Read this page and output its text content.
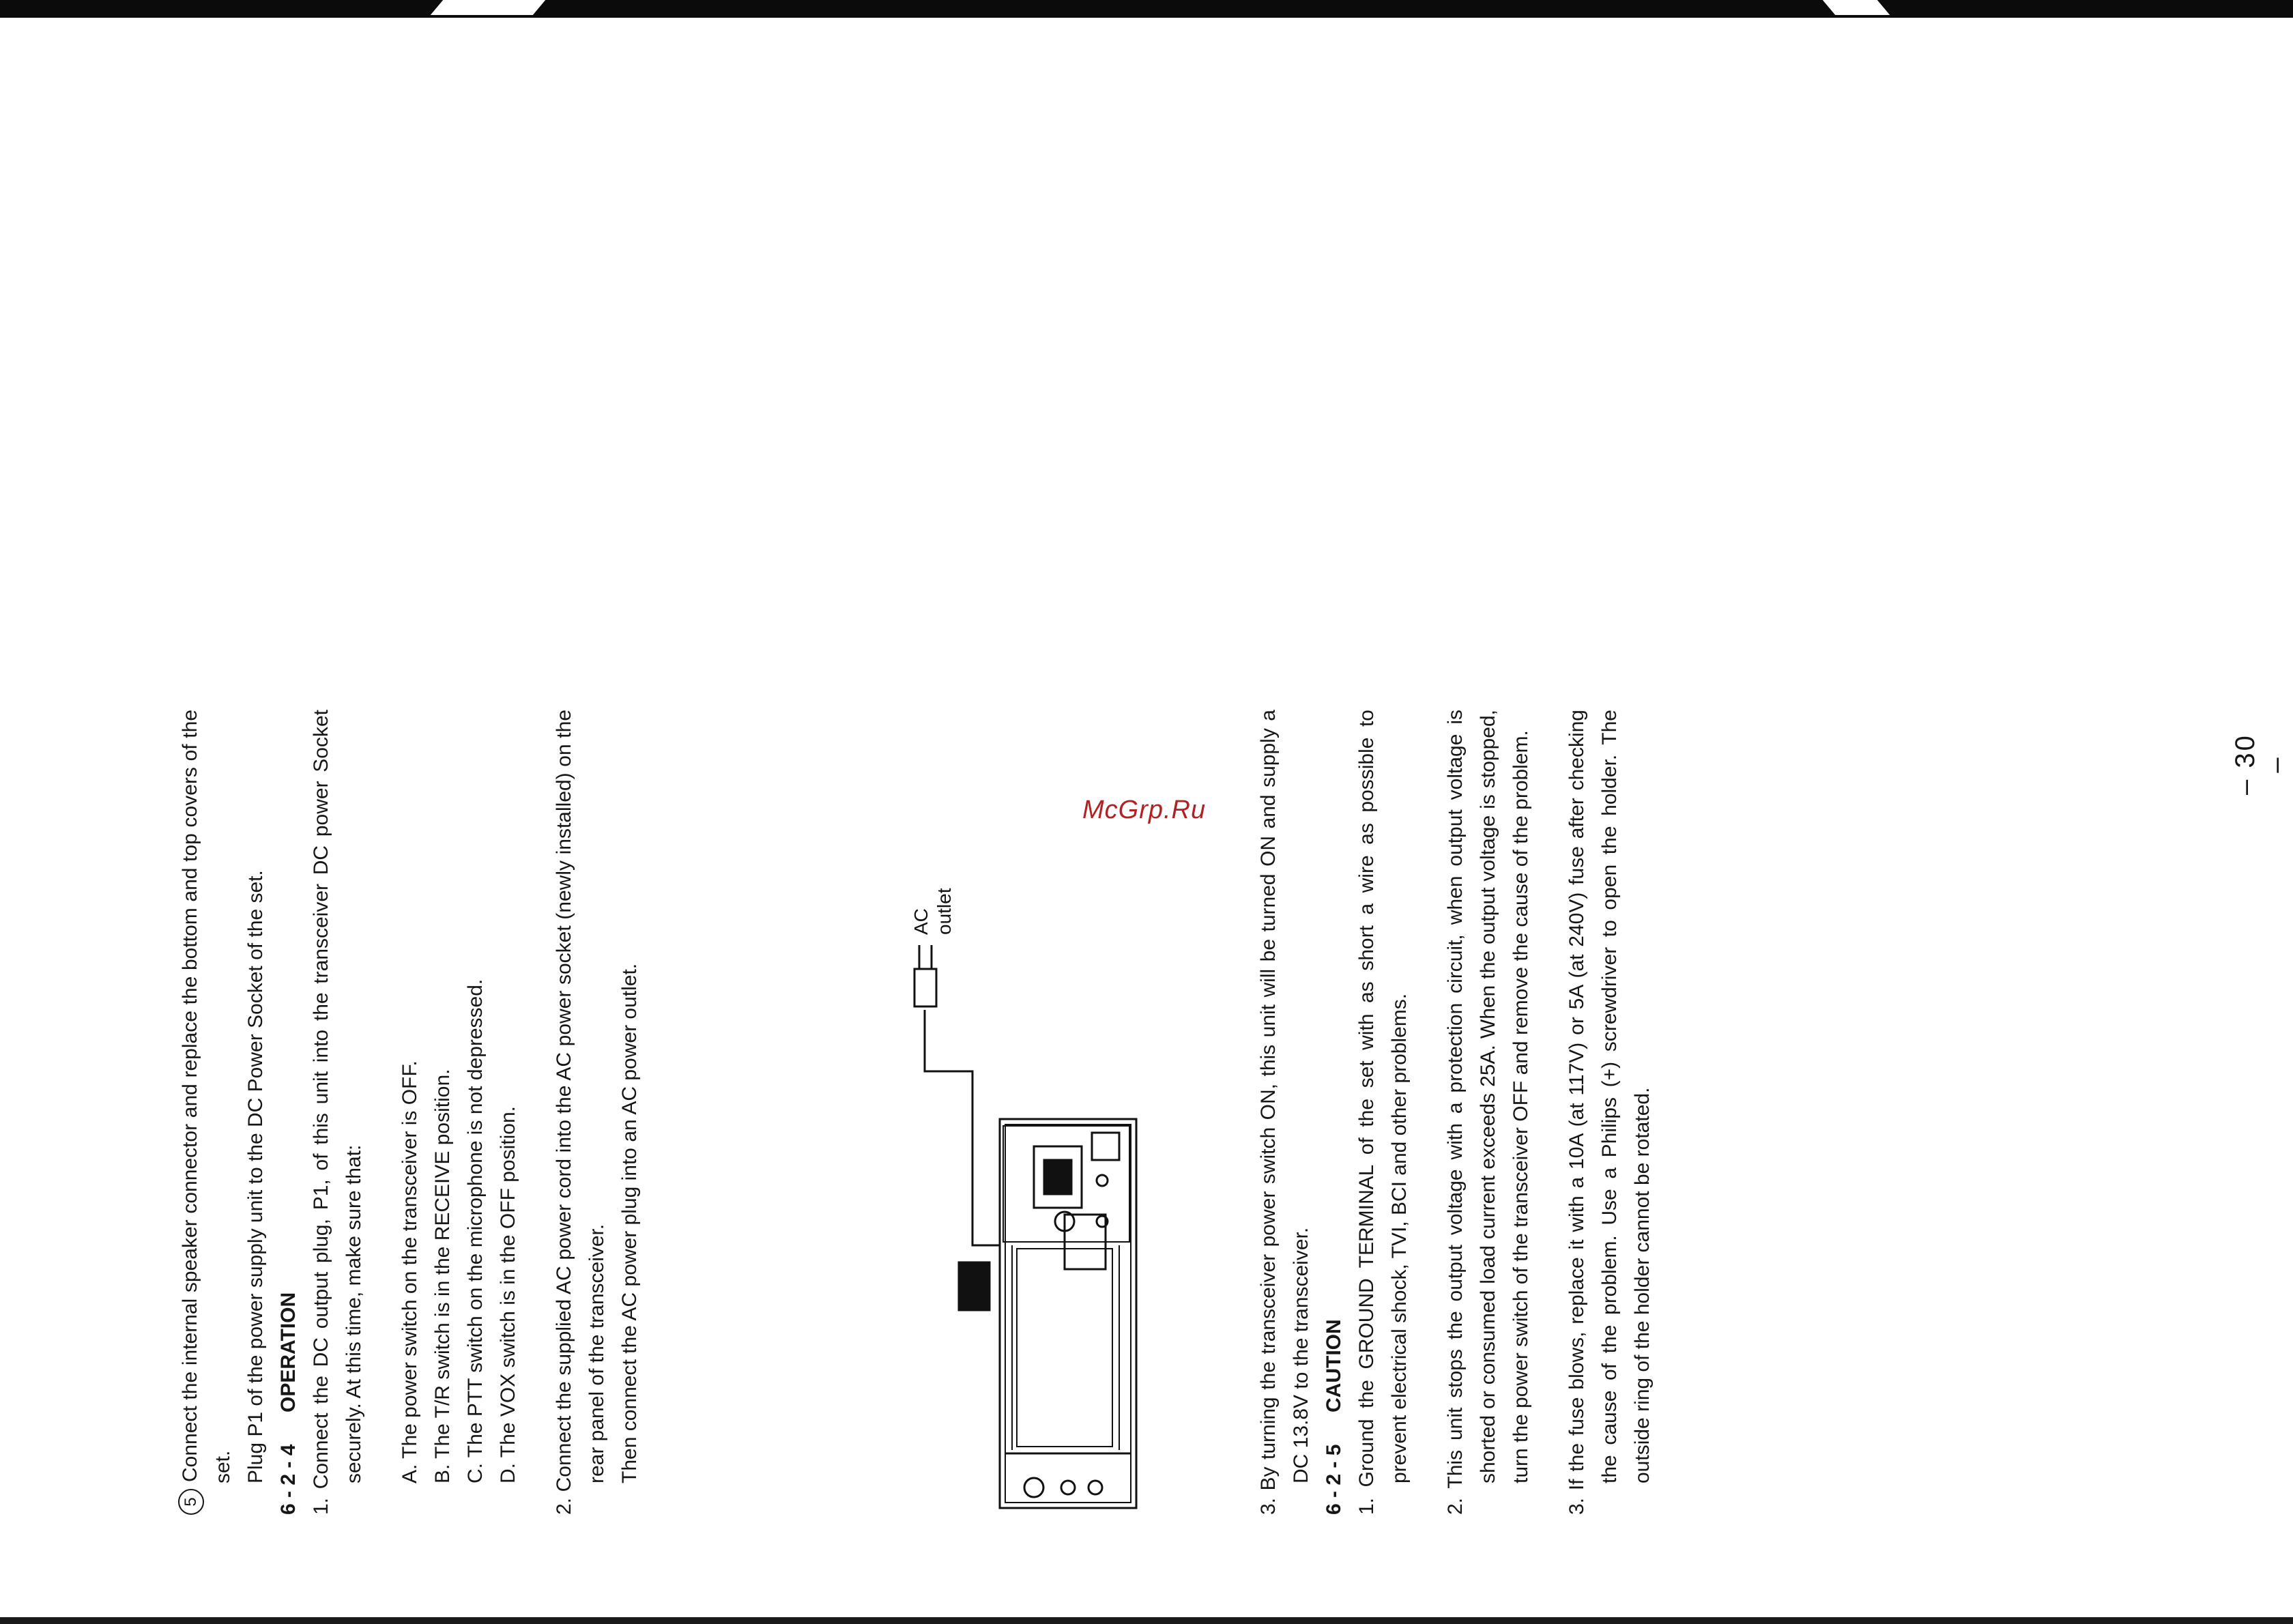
McGrp.Ru
– 30 –

5Connect the internal speaker connector and replace the bottom and top covers of the set. Plug P1 of the power supply unit to the DC Power Socket of the set. 6 - 2 - 4OPERATION 1. Connect the DC output plug, P1, of this unit into the transceiver DC power Socket securely. At this time, make sure that: A. The power switch on the transceiver is OFF. B. The T/R switch is in the RECEIVE position. C. The PTT switch on the microphone is not depressed. D. The VOX switch is in the OFF position. 2. Connect the supplied AC power cord into the AC power socket (newly installed) on the rear panel of the transceiver. Then connect the AC power plug into an AC power outlet.

AC outlet	3. By turning the transceiver power switch ON, this unit will be turned ON and supply a DC 13.8V to the transceiver. 6 - 2 - 5CAUTION 1. Ground the GROUND TERMINAL of the set with as short a wire as possible to prevent electrical shock, TVI, BCI and other problems. 2. This unit stops the output voltage with a protection circuit, when output voltage is shorted or consumed load current exceeds 25A. When the output voltage is stopped, turn the power switch of the transceiver OFF and remove the cause of the problem. 3. If the fuse blows, replace it with a 10A (at 117V) or 5A (at 240V) fuse after checking the cause of the problem. Use a Philips (+) screwdriver to open the holder. The outside ring of the holder cannot be rotated.
